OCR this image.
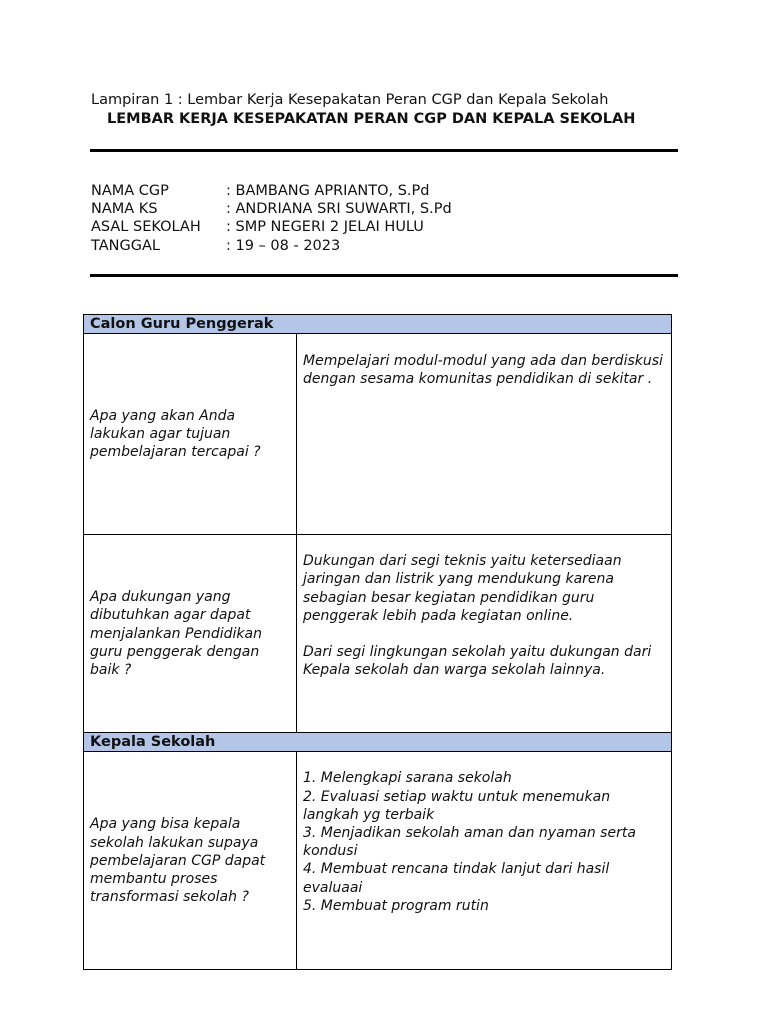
Lampiran 1 : Lembar Kerja Kesepakatan Peran CGP dan Kepala Sekolah
LEMBAR KERJA KESEPAKATAN PERAN CGP DAN KEPALA SEKOLAH
NAMA CGP	: BAMBANG APRIANTO, S.Pd
NAMA KS	: ANDRIANA SRI SUWARTI, S.Pd
ASAL SEKOLAH	: SMP NEGERI 2 JELAI HULU
TANGGAL	: 19 – 08 - 2023
Calon Guru Penggerak	
Apa yang akan Anda lakukan agar tujuan pembelajaran tercapai ?	Mempelajari modul-modul yang ada dan berdiskusi dengan sesama komunitas pendidikan di sekitar .
Apa dukungan yang dibutuhkan agar dapat menjalankan Pendidikan guru penggerak dengan baik ?	Dukungan dari segi teknis yaitu ketersediaan jaringan dan listrik yang mendukung karena sebagian besar kegiatan pendidikan guru penggerak lebih pada kegiatan online.
Dari segi lingkungan sekolah yaitu dukungan dari Kepala sekolah dan warga sekolah lainnya.

Kepala Sekolah	
Apa yang bisa kepala sekolah lakukan supaya pembelajaran CGP dapat membantu proses transformasi sekolah ?	1. Melengkapi sarana sekolah
2. Evaluasi setiap waktu untuk menemukan langkah yg terbaik
3. Menjadikan sekolah aman dan nyaman serta kondusi
4. Membuat rencana tindak lanjut dari hasil evaluaai
5. Membuat program rutin
